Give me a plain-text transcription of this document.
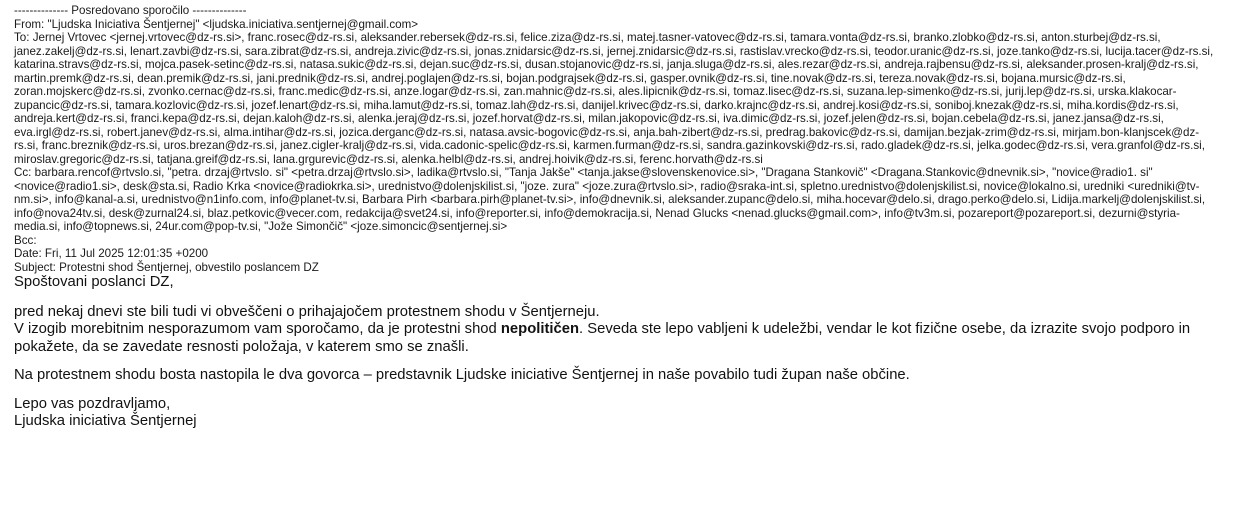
-------------- Posredovano sporočilo --------------
From: "Ljudska Iniciativa Šentjernej" <ljudska.iniciativa.sentjernej@gmail.com>
To: Jernej Vrtovec <jernej.vrtovec@dz-rs.si>, franc.rosec@dz-rs.si, aleksander.rebersek@dz-rs.si, felice.ziza@dz-rs.si, matej.tasner-vatovec@dz-rs.si, tamara.vonta@dz-rs.si, branko.zlobko@dz-rs.si, anton.sturbej@dz-rs.si, janez.zakelj@dz-rs.si, lenart.zavbi@dz-rs.si, sara.zibrat@dz-rs.si, andreja.zivic@dz-rs.si, jonas.znidarsic@dz-rs.si, jernej.znidarsic@dz-rs.si, rastislav.vrecko@dz-rs.si, teodor.uranic@dz-rs.si, joze.tanko@dz-rs.si, lucija.tacer@dz-rs.si, katarina.stravs@dz-rs.si, mojca.pasek-setinc@dz-rs.si, natasa.sukic@dz-rs.si, dejan.suc@dz-rs.si, dusan.stojanovic@dz-rs.si, janja.sluga@dz-rs.si, ales.rezar@dz-rs.si, andreja.rajbensu@dz-rs.si, aleksander.prosen-kralj@dz-rs.si, martin.premk@dz-rs.si, dean.premik@dz-rs.si, jani.prednik@dz-rs.si, andrej.poglajen@dz-rs.si, bojan.podgrajsek@dz-rs.si, gasper.ovnik@dz-rs.si, tine.novak@dz-rs.si, tereza.novak@dz-rs.si, bojana.mursic@dz-rs.si, zoran.mojskerc@dz-rs.si, zvonko.cernac@dz-rs.si, franc.medic@dz-rs.si, anze.logar@dz-rs.si, zan.mahnic@dz-rs.si, ales.lipicnik@dz-rs.si, tomaz.lisec@dz-rs.si, suzana.lep-simenko@dz-rs.si, jurij.lep@dz-rs.si, urska.klakocar-zupancic@dz-rs.si, tamara.kozlovic@dz-rs.si, jozef.lenart@dz-rs.si, miha.lamut@dz-rs.si, tomaz.lah@dz-rs.si, danijel.krivec@dz-rs.si, darko.krajnc@dz-rs.si, andrej.kosi@dz-rs.si, soniboj.knezak@dz-rs.si, miha.kordis@dz-rs.si, andreja.kert@dz-rs.si, franci.kepa@dz-rs.si, dejan.kaloh@dz-rs.si, alenka.jeraj@dz-rs.si, jozef.horvat@dz-rs.si, milan.jakopovic@dz-rs.si, iva.dimic@dz-rs.si, jozef.jelen@dz-rs.si, bojan.cebela@dz-rs.si, janez.jansa@dz-rs.si, eva.irgl@dz-rs.si, robert.janev@dz-rs.si, alma.intihar@dz-rs.si, jozica.derganc@dz-rs.si, natasa.avsic-bogovic@dz-rs.si, anja.bah-zibert@dz-rs.si, predrag.bakovic@dz-rs.si, damijan.bezjak-zrim@dz-rs.si, mirjam.bon-klanjscek@dz-rs.si, franc.breznik@dz-rs.si, uros.brezan@dz-rs.si, janez.cigler-kralj@dz-rs.si, vida.cadonic-spelic@dz-rs.si, karmen.furman@dz-rs.si, sandra.gazinkovski@dz-rs.si, rado.gladek@dz-rs.si, jelka.godec@dz-rs.si, vera.granfol@dz-rs.si, miroslav.gregoric@dz-rs.si, tatjana.greif@dz-rs.si, lana.grgurevic@dz-rs.si, alenka.helbl@dz-rs.si, andrej.hoivik@dz-rs.si, ferenc.horvath@dz-rs.si
Cc: barbara.rencof@rtvslo.si, "petra. drzaj@rtvslo. si" <petra.drzaj@rtvslo.si>, ladika@rtvslo.si, "Tanja Jakše" <tanja.jakse@slovenskenovice.si>, "Dragana Stankovič" <Dragana.Stankovic@dnevnik.si>, "novice@radio1. si" <novice@radio1.si>, desk@sta.si, Radio Krka <novice@radiokrka.si>, urednistvo@dolenjskilist.si, "joze. zura" <joze.zura@rtvslo.si>, radio@sraka-int.si, spletno.urednistvo@dolenjskilist.si, novice@lokalno.si, uredniki <uredniki@tv-nm.si>, info@kanal-a.si, urednistvo@n1info.com, info@planet-tv.si, Barbara Pirh <barbara.pirh@planet-tv.si>, info@dnevnik.si, aleksander.zupanc@delo.si, miha.hocevar@delo.si, drago.perko@delo.si, Lidija.markelj@dolenjskilist.si, info@nova24tv.si, desk@zurnal24.si, blaz.petkovic@vecer.com, redakcija@svet24.si, info@reporter.si, info@demokracija.si, Nenad Glucks <nenad.glucks@gmail.com>, info@tv3m.si, pozareport@pozareport.si, dezurni@styria-media.si, info@topnews.si, 24ur.com@pop-tv.si, "Jože Simončič" <joze.simoncic@sentjernej.si>
Bcc:
Date: Fri, 11 Jul 2025 12:01:35 +0200
Subject: Protestni shod Šentjernej, obvestilo poslancem DZ

Spoštovani poslanci DZ,

pred nekaj dnevi ste bili tudi vi obveščeni o prihajajočem protestnem shodu v Šentjerneju.
V izogib morebitnim nesporazumom vam sporočamo, da je protestni shod nepolitičen. Seveda ste lepo vabljeni k udeležbi, vendar le kot fizične osebe, da izrazite svojo podporo in pokažete, da se zavedate resnosti položaja, v katerem smo se znašli.

Na protestnem shodu bosta nastopila le dva govorca – predstavnik Ljudske iniciative Šentjernej in naše povabilo tudi župan naše občine.

Lepo vas pozdravljamo,

Ljudska iniciativa Šentjernej
